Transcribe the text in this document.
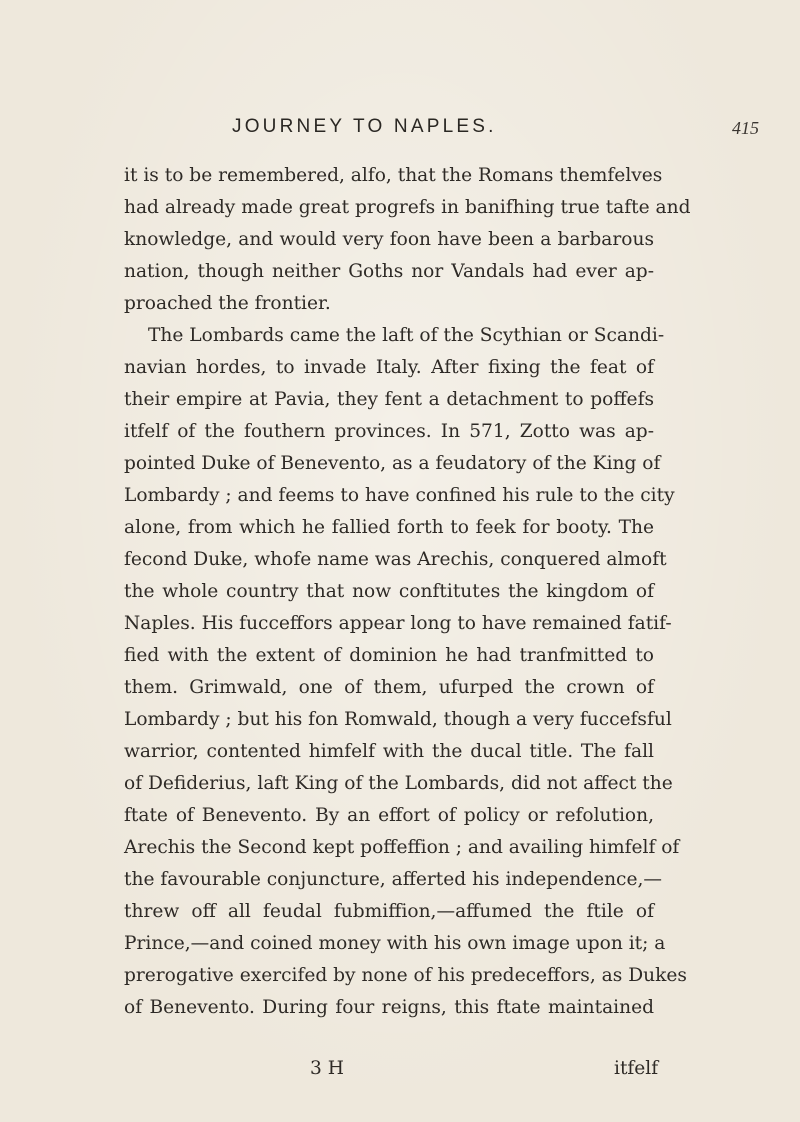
JOURNEY TO NAPLES.	415
it is to be remembered, alfo, that the Romans themfelves
had already made great progrefs in banifhing true tafte and
knowledge, and would very foon have been a barbarous
nation, though neither Goths nor Vandals had ever ap-
proached the frontier.
The Lombards came the laft of the Scythian or Scandi-
navian hordes, to invade Italy. After fixing the feat of
their empire at Pavia, they fent a detachment to poffefs
itfelf of the fouthern provinces. In 571, Zotto was ap-
pointed Duke of Benevento, as a feudatory of the King of
Lombardy ; and feems to have confined his rule to the city
alone, from which he fallied forth to feek for booty. The
fecond Duke, whofe name was Arechis, conquered almoft
the whole country that now conftitutes the kingdom of
Naples. His fucceffors appear long to have remained fatif-
fied with the extent of dominion he had tranfmitted to
them. Grimwald, one of them, ufurped the crown of
Lombardy ; but his fon Romwald, though a very fuccefsful
warrior, contented himfelf with the ducal title. The fall
of Defiderius, laft King of the Lombards, did not affect the
ftate of Benevento. By an effort of policy or refolution,
Arechis the Second kept poffeffion ; and availing himfelf of
the favourable conjuncture, afferted his independence,—
threw off all feudal fubmiffion,—affumed the ftile of
Prince,—and coined money with his own image upon it; a
prerogative exercifed by none of his predeceffors, as Dukes
of Benevento. During four reigns, this ftate maintained
3 H	itfelf
